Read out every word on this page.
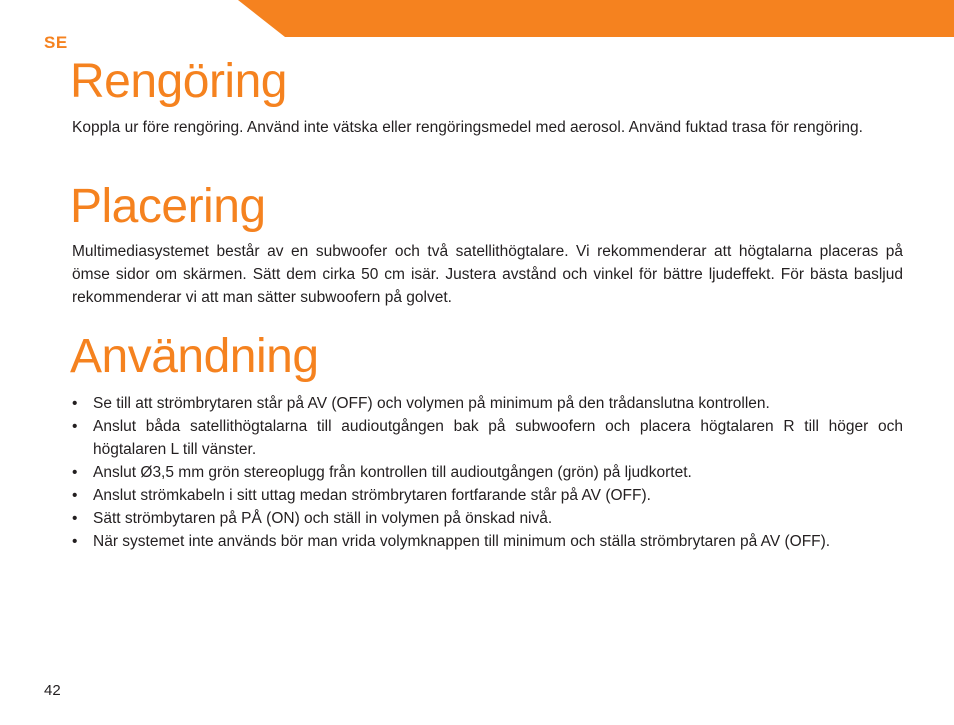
SE
Rengöring

Koppla ur före rengöring. Använd inte vätska eller rengöringsmedel med aerosol. Använd fuktad trasa för rengöring.

Placering

Multimediasystemet består av en subwoofer och två satellithögtalare. Vi rekommenderar att högtalarna placeras på ömse sidor om skärmen. Sätt dem cirka 50 cm isär. Justera avstånd och vinkel för bättre ljudeffekt. För bästa basljud rekommenderar vi att man sätter subwoofern på golvet.

Användning
• Se till att strömbrytaren står på AV (OFF) och volymen på minimum på den trådanslutna kontrollen.
• Anslut båda satellithögtalarna till audioutgången bak på subwoofern och placera högtalaren R till höger och högtalaren L till vänster.
• Anslut Ø3,5 mm grön stereoplugg från kontrollen till audioutgången (grön) på ljudkortet.
• Anslut strömkabeln i sitt uttag medan strömbrytaren fortfarande står på AV (OFF).
• Sätt strömbytaren på PÅ (ON) och ställ in volymen på önskad nivå.
• När systemet inte används bör man vrida volymknappen till minimum och ställa strömbrytaren på AV (OFF).
42
